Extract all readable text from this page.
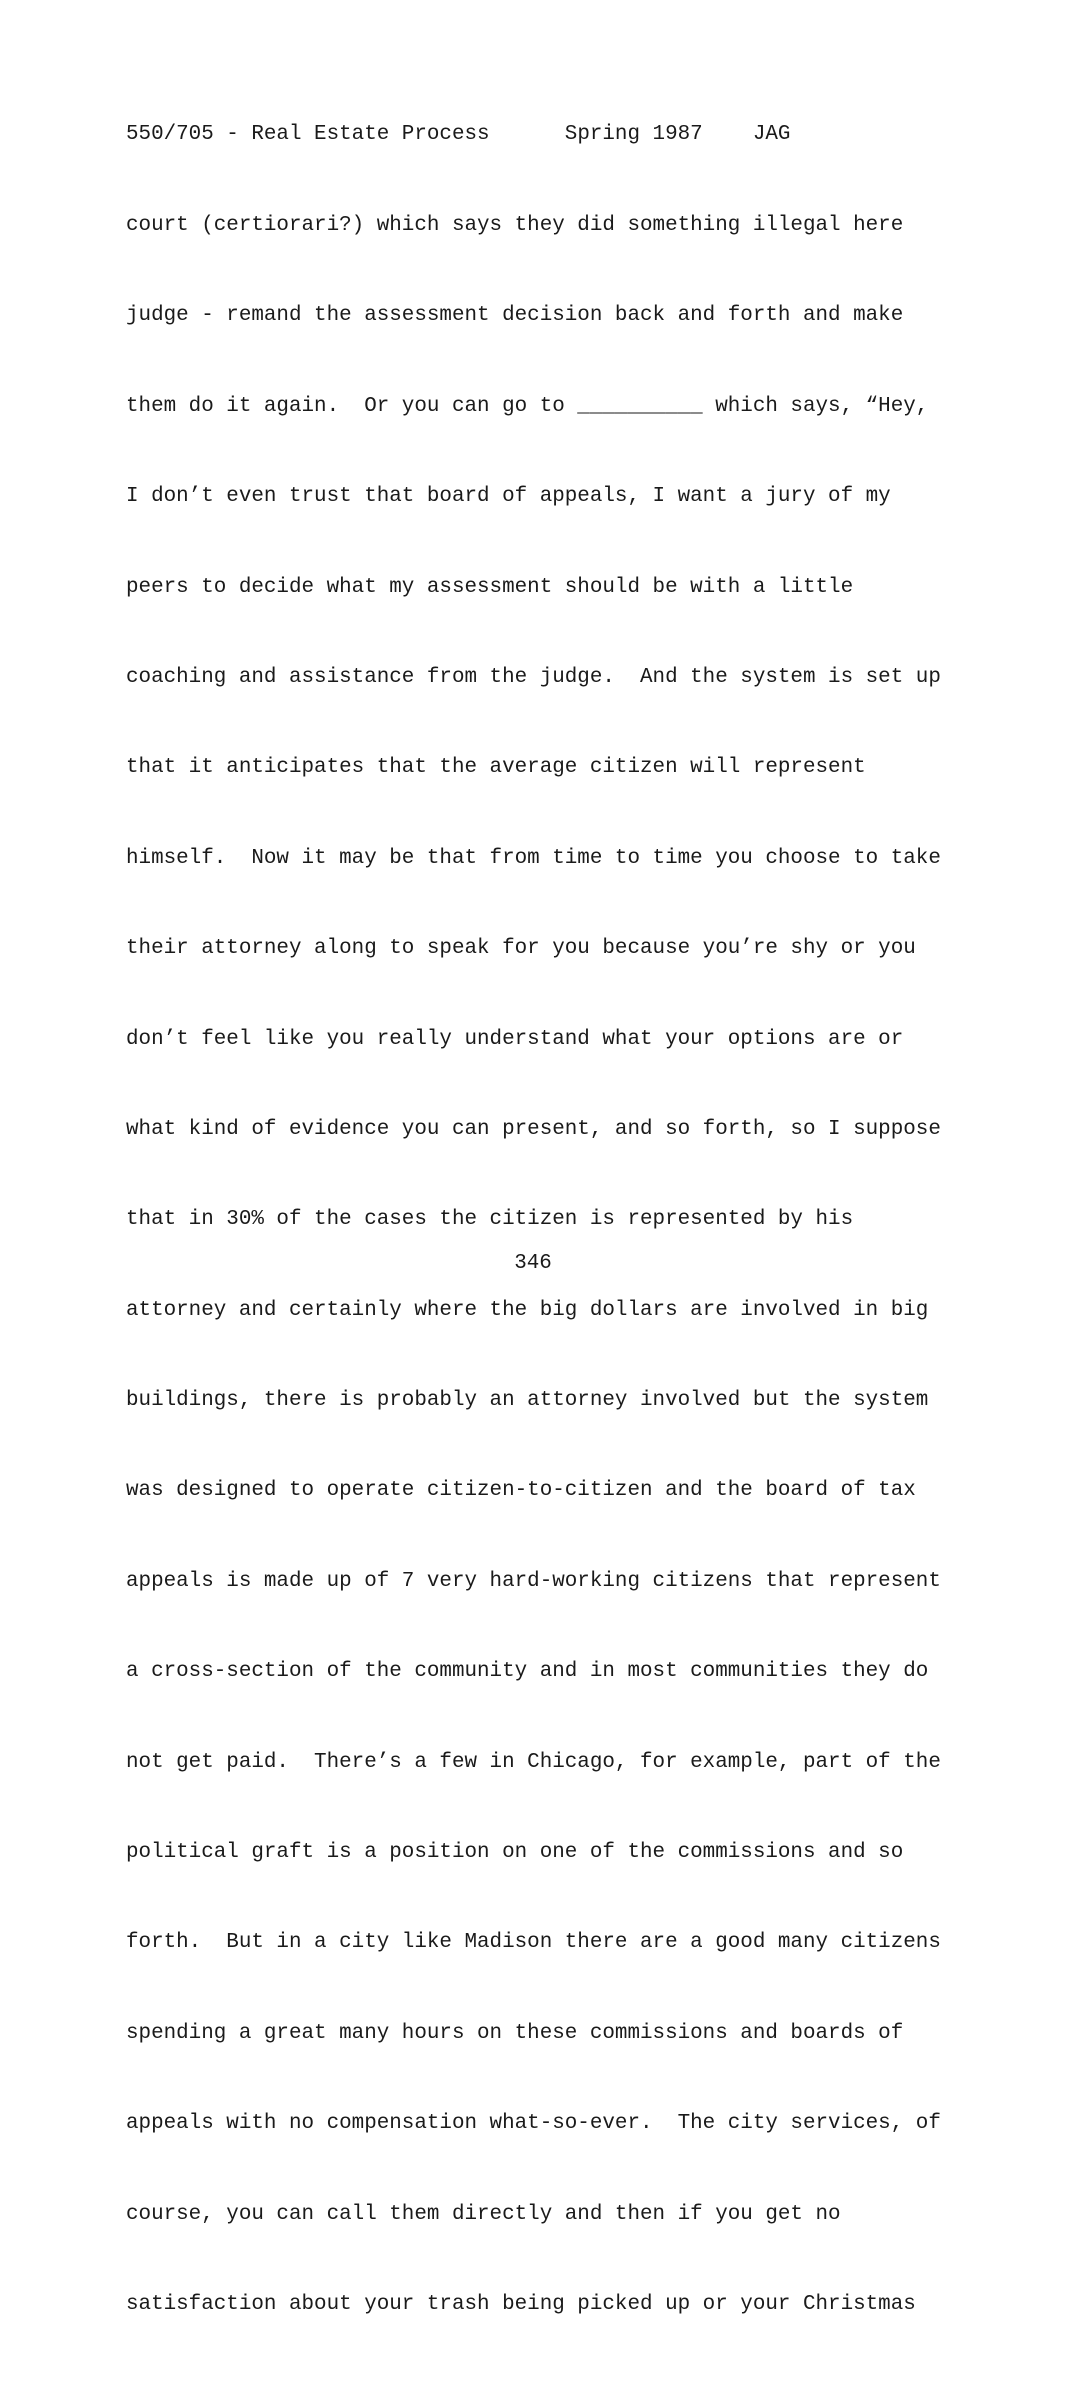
550/705 - Real Estate Process	Spring 1987 JAG

court (certiorari?) which says they did something illegal here

judge - remand the assessment decision back and forth and make

them do it again.  Or you can go to __________ which says, “Hey,

I don’t even trust that board of appeals, I want a jury of my

peers to decide what my assessment should be with a little

coaching and assistance from the judge.  And the system is set up

that it anticipates that the average citizen will represent

himself.  Now it may be that from time to time you choose to take

their attorney along to speak for you because you’re shy or you

don’t feel like you really understand what your options are or

what kind of evidence you can present, and so forth, so I suppose

that in 30% of the cases the citizen is represented by his

attorney and certainly where the big dollars are involved in big

buildings, there is probably an attorney involved but the system

was designed to operate citizen-to-citizen and the board of tax

appeals is made up of 7 very hard-working citizens that represent

a cross-section of the community and in most communities they do

not get paid.  There’s a few in Chicago, for example, part of the

political graft is a position on one of the commissions and so

forth.  But in a city like Madison there are a good many citizens

spending a great many hours on these commissions and boards of

appeals with no compensation what-so-ever.  The city services, of

course, you can call them directly and then if you get no

satisfaction about your trash being picked up or your Christmas

346
